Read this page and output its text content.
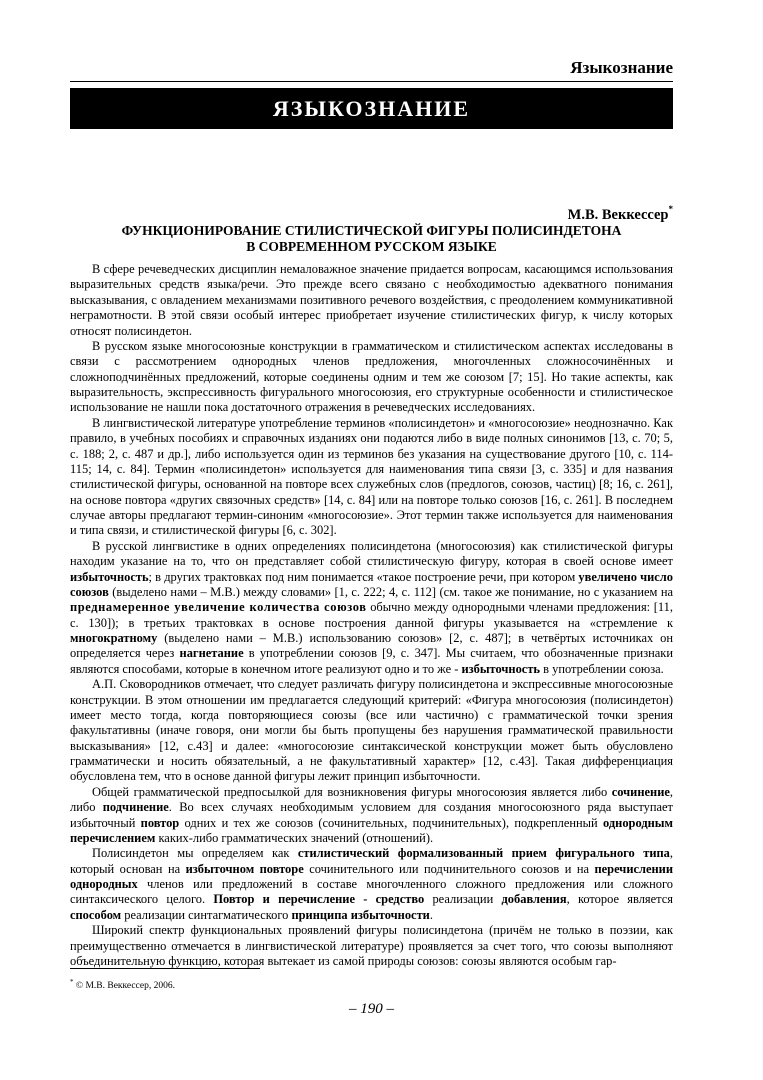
Языкознание
ЯЗЫКОЗНАНИЕ
М.В. Веккессер*
ФУНКЦИОНИРОВАНИЕ СТИЛИСТИЧЕСКОЙ ФИГУРЫ ПОЛИСИНДЕТОНА
В СОВРЕМЕННОМ РУССКОМ ЯЗЫКЕ

В сфере речеведческих дисциплин немаловажное значение придается вопросам, касающимся использования выразительных средств языка/речи. Это прежде всего связано с необходимостью адекватного понимания высказывания, с овладением механизмами позитивного речевого воздействия, с преодолением коммуникативной неграмотности. В этой связи особый интерес приобретает изучение стилистических фигур, к числу которых относят полисиндетон.

В русском языке многосоюзные конструкции в грамматическом и стилистическом аспектах исследованы в связи с рассмотрением однородных членов предложения, многочленных сложносочинённых и сложноподчинённых предложений, которые соединены одним и тем же союзом [7; 15]. Но такие аспекты, как выразительность, экспрессивность фигурального многосоюзия, его структурные особенности и стилистическое использование не нашли пока достаточного отражения в речеведческих исследованиях.

В лингвистической литературе употребление терминов «полисиндетон» и «многосоюзие» неоднозначно. Как правило, в учебных пособиях и справочных изданиях они подаются либо в виде полных синонимов [13, с. 70; 5, с. 188; 2, с. 487 и др.], либо используется один из терминов без указания на существование другого [10, с. 114-115; 14, с. 84]. Термин «полисиндетон» используется для наименования типа связи [3, с. 335] и для названия стилистической фигуры, основанной на повторе всех служебных слов (предлогов, союзов, частиц) [8; 16, с. 261], на основе повтора «других связочных средств» [14, с. 84] или на повторе только союзов [16, с. 261]. В последнем случае авторы предлагают термин-синоним «многосоюзие». Этот термин также используется для наименования и типа связи, и стилистической фигуры [6, с. 302].

В русской лингвистике в одних определениях полисиндетона (многосоюзия) как стилистической фигуры находим указание на то, что он представляет собой стилистическую фигуру, которая в своей основе имеет избыточность; в других трактовках под ним понимается «такое построение речи, при котором увеличено число союзов (выделено нами – М.В.) между словами» [1, с. 222; 4, с. 112] (см. такое же понимание, но с указанием на преднамеренное увеличение количества союзов обычно между однородными членами предложения: [11, с. 130]); в третьих трактовках в основе построения данной фигуры указывается на «стремление к многократному (выделено нами – М.В.) использованию союзов» [2, с. 487]; в четвёртых источниках он определяется через нагнетание в употреблении союзов [9, с. 347]. Мы считаем, что обозначенные признаки являются способами, которые в конечном итоге реализуют одно и то же - избыточность в употреблении союза.

А.П. Сковородников отмечает, что следует различать фигуру полисиндетона и экспрессивные многосоюзные конструкции. В этом отношении им предлагается следующий критерий: «Фигура многосоюзия (полисиндетон) имеет место тогда, когда повторяющиеся союзы (все или частично) с грамматической точки зрения факультативны (иначе говоря, они могли бы быть пропущены без нарушения грамматической правильности высказывания» [12, с.43] и далее: «многосоюзие синтаксической конструкции может быть обусловлено грамматически и носить обязательный, а не факультативный характер» [12, с.43]. Такая дифференциация обусловлена тем, что в основе данной фигуры лежит принцип избыточности.

Общей грамматической предпосылкой для возникновения фигуры многосоюзия является либо сочинение, либо подчинение. Во всех случаях необходимым условием для создания многосоюзного ряда выступает избыточный повтор одних и тех же союзов (сочинительных, подчинительных), подкрепленный однородным перечислением каких-либо грамматических значений (отношений).

Полисиндетон мы определяем как стилистический формализованный прием фигурального типа, который основан на избыточном повторе сочинительного или подчинительного союзов и на перечислении однородных членов или предложений в составе многочленного сложного предложения или сложного синтаксического целого. Повтор и перечисление - средство реализации добавления, которое является способом реализации синтагматического принципа избыточности.

Широкий спектр функциональных проявлений фигуры полисиндетона (причём не только в поэзии, как преимущественно отмечается в лингвистической литературе) проявляется за счет того, что союзы выполняют объединительную функцию, которая вытекает из самой природы союзов: союзы являются особым гар-

* © М.В. Веккессер, 2006.
– 190 –
